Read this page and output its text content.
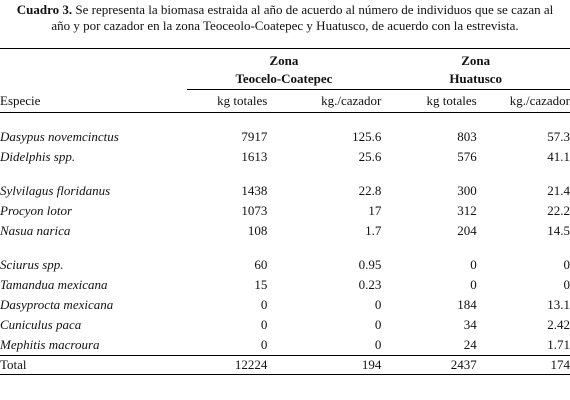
Cuadro 3. Se representa la biomasa estraida al año de acuerdo al número de individuos que se cazan al año y por cazador en la zona Teoceolo-Coatepec y Huatusco, de acuerdo con la estrevista.
	Zona		Zona	
	Teocelo-Coatepec		Huatusco	
Especie	kg totales	kg./cazador	kg totales	kg./cazador

Dasypus novemcinctus	7917	125.6	803	57.3
Didelphis spp.	1613	25.6	576	41.1

Sylvilagus floridanus	1438	22.8	300	21.4
Procyon lotor	1073	17	312	22.2
Nasua narica	108	1.7	204	14.5

Sciurus spp.	60	0.95	0	0
Tamandua mexicana	15	0.23	0	0
Dasyprocta mexicana	0	0	184	13.1
Cuniculus paca	0	0	34	2.42
Mephitis macroura	0	0	24	1.71
Total	12224	194	2437	174
